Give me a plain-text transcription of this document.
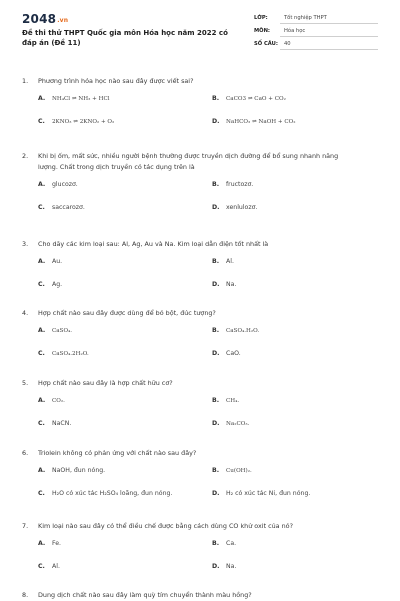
2048.vn
Đề thi thử THPT Quốc gia môn Hóa học năm 2022 có đáp án (Đề 11)
LỚP:	Tốt nghiệp THPT
MÔN:	Hóa học
SỐ CÂU: 40
1. Phương trình hóa học nào sau đây được viết sai?
A. NH₄Cl ⇌ NH₃ + HCl	B. CaCO3 ⇌ CaO + CO₂
C. 2KNO₃ ⇌ 2KNO₂ + O₂	D. NaHCO₃ ⇌ NaOH + CO₂
2. Khi bị ốm, mất sức, nhiều người bệnh thường được truyền dịch đường để bổ sung nhanh năng
lượng. Chất trong dịch truyền có tác dụng trên là
A. glucozơ.	B. fructozơ.
C. saccarozơ.	D. xenlulozơ.
3. Cho dãy các kim loại sau: Al, Ag, Au và Na. Kim loại dẫn điện tốt nhất là
A. Au.	B. Al.
C. Ag.	D. Na.
4. Hợp chất nào sau đây được dùng để bó bột, đúc tượng?
A. CaSO₄.	B. CaSO₄.H₂O.
C. CaSO₄.2H₂O.	D. CaO.
5. Hợp chất nào sau đây là hợp chất hữu cơ?
A. CO₂.	B. CH₄.
C. NaCN.	D. Na₂CO₃.
6. Triolein không có phản ứng với chất nào sau đây?
A. NaOH, đun nóng.	B. Cu(OH)₂.
C. H₂O có xúc tác H₂SO₄ loãng, đun nóng.	D. H₂ có xúc tác Ni, đun nóng.
7. Kim loại nào sau đây có thể điều chế được bằng cách dùng CO khử oxit của nó?
A. Fe.	B. Ca.
C. Al.	D. Na.
8. Dung dịch chất nào sau đây làm quỳ tím chuyển thành màu hồng?
